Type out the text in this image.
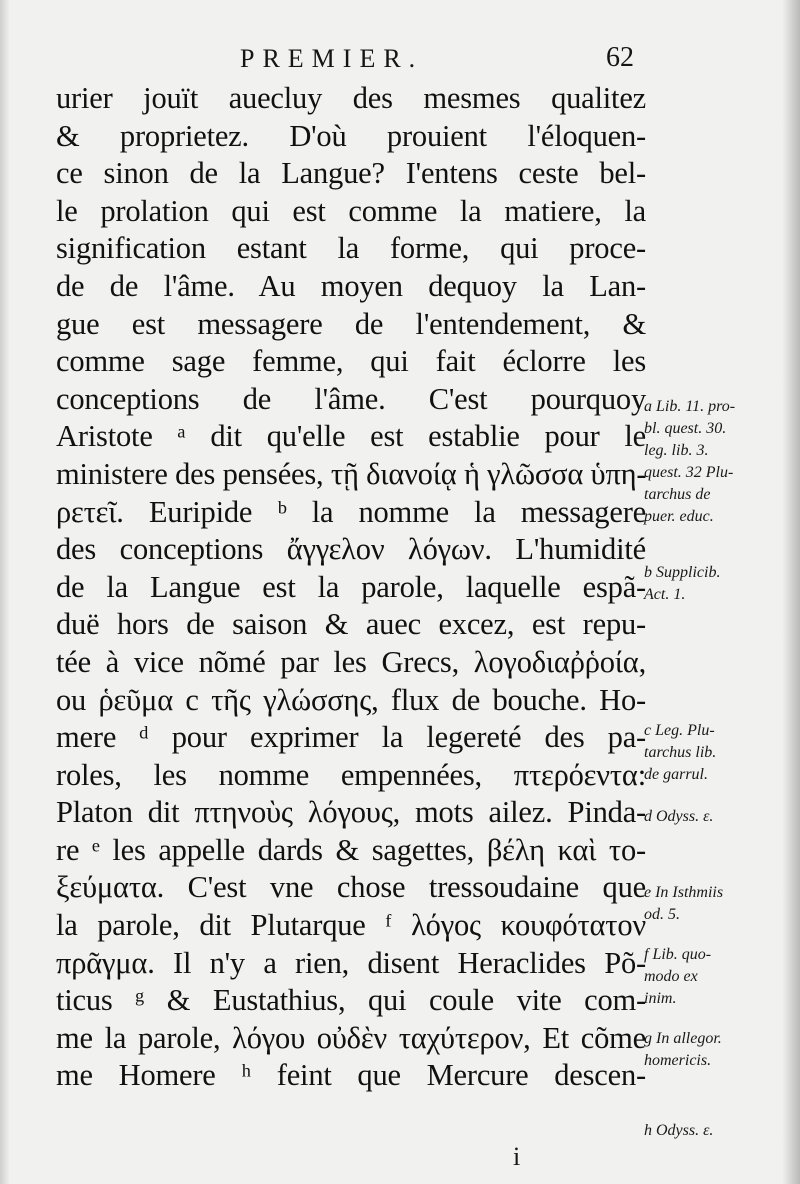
PREMIER.	62
urier jouït auecluy des mesmes qualitez
& proprietez. D'où prouient l'éloquen-
ce sinon de la Langue? I'entens ceste bel-
le prolation qui est comme la matiere, la
signification estant la forme, qui proce-
de de l'âme. Au moyen dequoy la Lan-
gue est messagere de l'entendement, &
comme sage femme, qui fait éclorre les
conceptions de l'âme. C'est pourquoy
Aristote ᵃ dit qu'elle est establie pour le
ministere des pensées, τῇ διανοίᾳ ἡ γλῶσσα ὑπη-
ρετεῖ. Euripide ᵇ la nomme la messagere
des conceptions ἄγγελον λόγων. L'humidité
de la Langue est la parole, laquelle espã-
duë hors de saison & auec excez, est repu-
tée à vice nõmé par les Grecs, λογοδιαῤῥοία,
ou ῥεῦμα c τῆς γλώσσης, flux de bouche. Ho-
mere ᵈ pour exprimer la legereté des pa-
roles, les nomme empennées, πτερόεντα:
Platon dit πτηνοὺς λόγους, mots ailez. Pinda-
re ᵉ les appelle dards & sagettes, βέλη καὶ το-
ξεύματα. C'est vne chose tressoudaine que
la parole, dit Plutarque ᶠ λόγος κουφότατον
πρᾶγμα. Il n'y a rien, disent Heraclides Põ-
ticus ᵍ & Eustathius, qui coule vite com-
me la parole, λόγου οὐδὲν ταχύτερον, Et cõme
me Homere ʰ feint que Mercure descen-
a Lib. 11. pro-
bl. quest. 30.
leg. lib. 3.
quest. 32 Plu-
tarchus de
puer. educ.
b Supplicib.
Act. 1.
c Leg. Plu-
tarchus lib.
de garrul.
d Odyss. ε.
e In Isthmiis
od. 5.
f Lib. quo-
modo ex
inim.
g In allegor.
homericis.
h Odyss. ε.
i
